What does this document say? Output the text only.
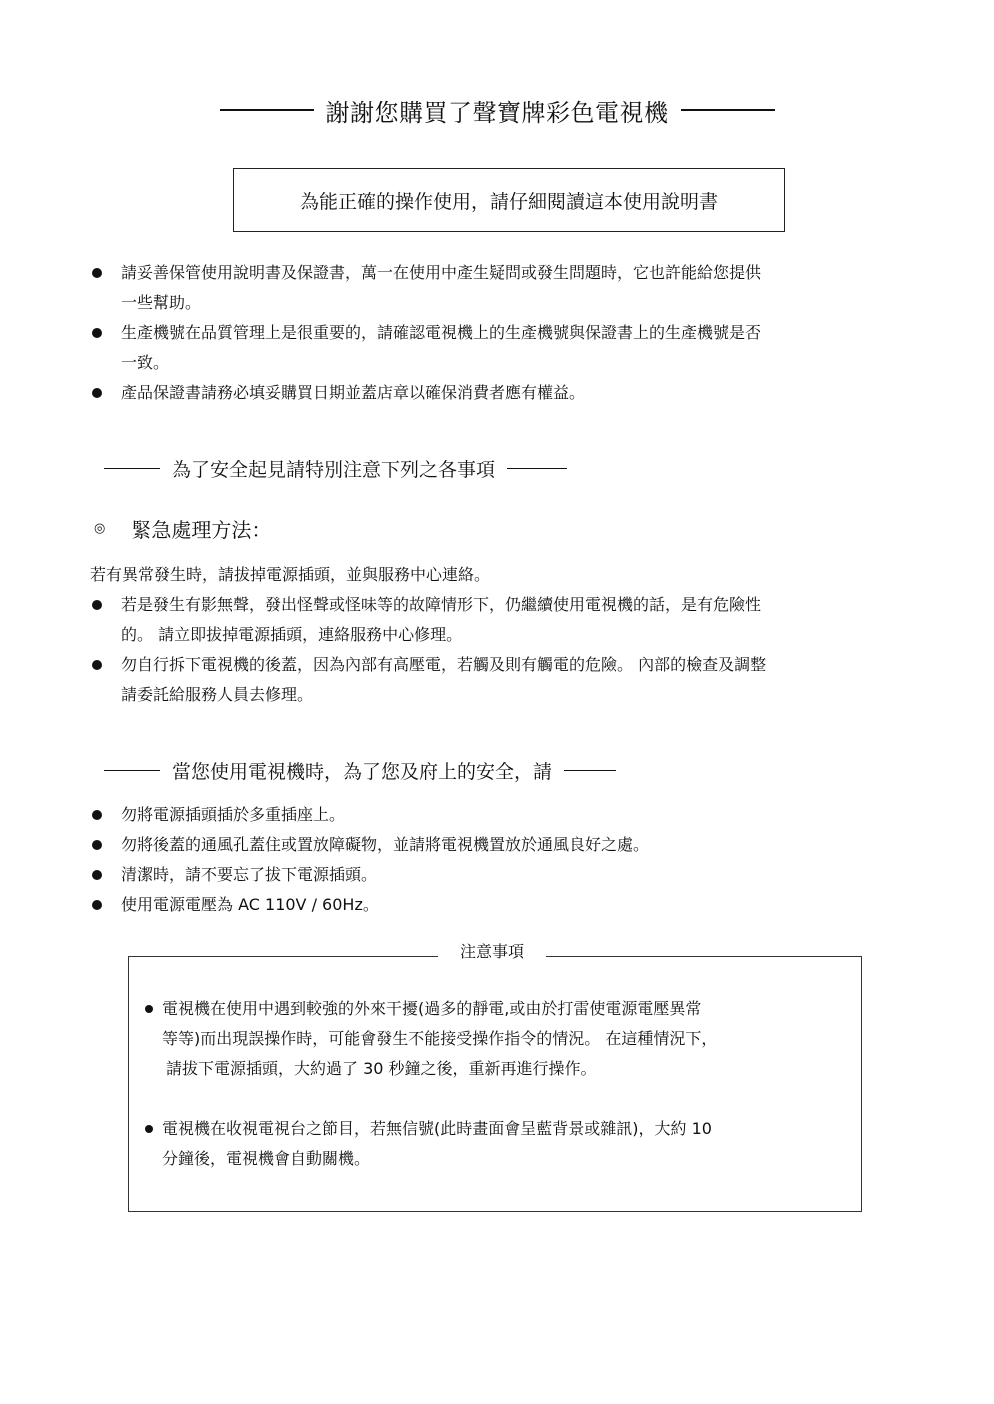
謝謝您購買了聲寶牌彩色電視機
為能正確的操作使用，請仔細閱讀這本使用說明書
請妥善保管使用說明書及保證書，萬一在使用中產生疑問或發生問題時，它也許能給您提供
一些幫助。
生產機號在品質管理上是很重要的，請確認電視機上的生產機號與保證書上的生產機號是否
一致。
產品保證書請務必填妥購買日期並蓋店章以確保消費者應有權益。
為了安全起見請特別注意下列之各事項
◎ 緊急處理方法：
若有異常發生時，請拔掉電源插頭，並與服務中心連絡。
若是發生有影無聲，發出怪聲或怪味等的故障情形下，仍繼續使用電視機的話，是有危險性
的。 請立即拔掉電源插頭，連絡服務中心修理。
勿自行拆下電視機的後蓋，因為內部有高壓電，若觸及則有觸電的危險。 內部的檢查及調整
請委託給服務人員去修理。
當您使用電視機時，為了您及府上的安全，請
勿將電源插頭插於多重插座上。
勿將後蓋的通風孔蓋住或置放障礙物，並請將電視機置放於通風良好之處。
清潔時，請不要忘了拔下電源插頭。
使用電源電壓為 AC 110V / 60Hz。
注意事項
電視機在使用中遇到較強的外來干擾(過多的靜電,或由於打雷使電源電壓異常
等等)而出現誤操作時，可能會發生不能接受操作指令的情況。 在這種情況下，
請拔下電源插頭，大約過了 30 秒鐘之後，重新再進行操作。
電視機在收視電視台之節目，若無信號(此時畫面會呈藍背景或雜訊)，大約 10
分鐘後，電視機會自動關機。
